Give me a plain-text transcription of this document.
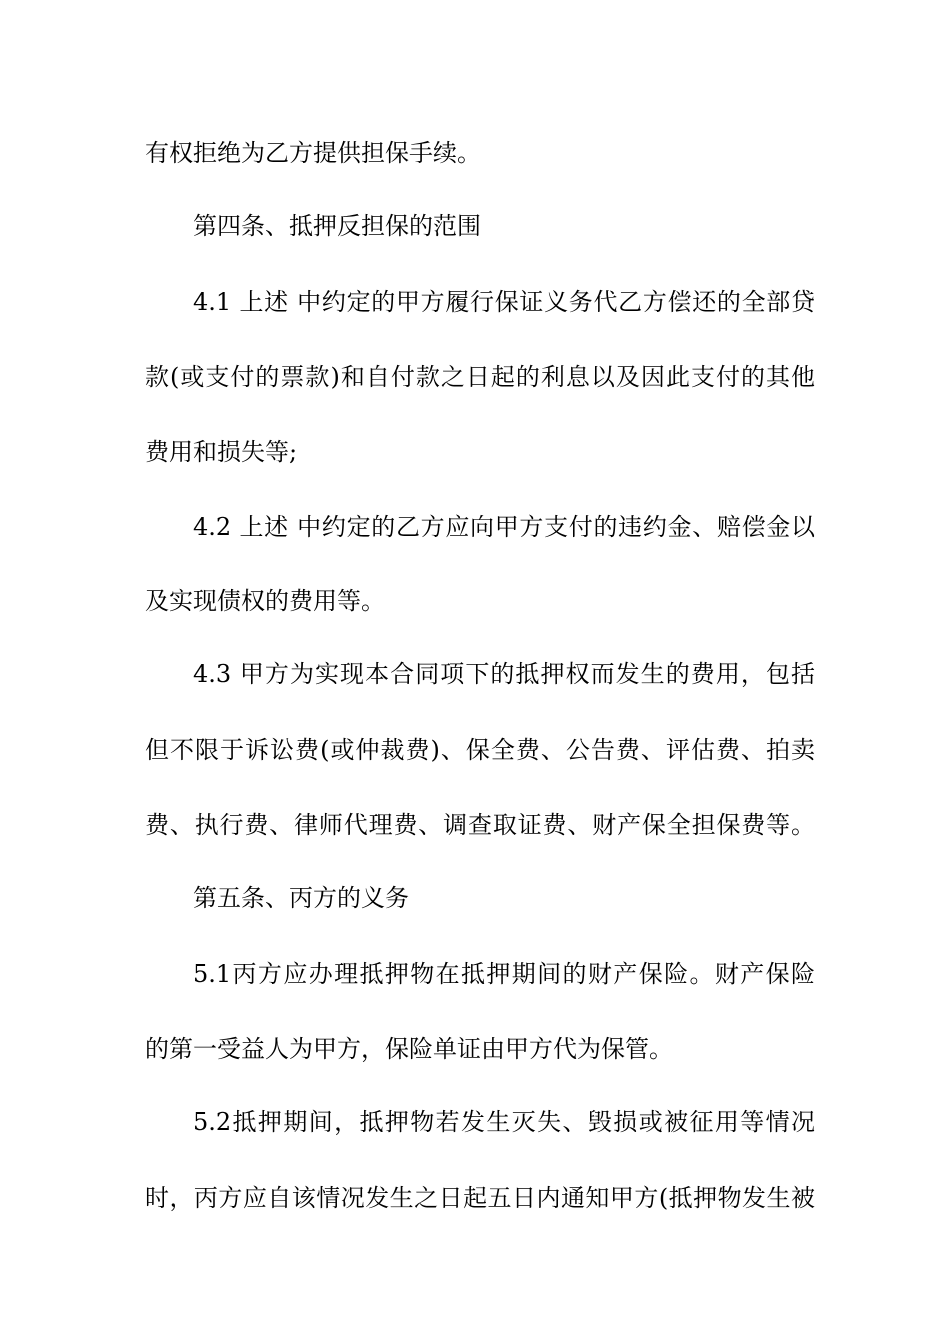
有权拒绝为乙方提供担保手续。
第四条、抵押反担保的范围
4.1 上述 中约定的甲方履行保证义务代乙方偿还的全部贷
款(或支付的票款)和自付款之日起的利息以及因此支付的其他
费用和损失等;
4.2 上述 中约定的乙方应向甲方支付的违约金、赔偿金以
及实现债权的费用等。
4.3 甲方为实现本合同项下的抵押权而发生的费用，包括
但不限于诉讼费(或仲裁费)、保全费、公告费、评估费、拍卖
费、执行费、律师代理费、调查取证费、财产保全担保费等。
第五条、丙方的义务
5.1丙方应办理抵押物在抵押期间的财产保险。财产保险
的第一受益人为甲方，保险单证由甲方代为保管。
5.2抵押期间，抵押物若发生灭失、毁损或被征用等情况
时，丙方应自该情况发生之日起五日内通知甲方(抵押物发生被
